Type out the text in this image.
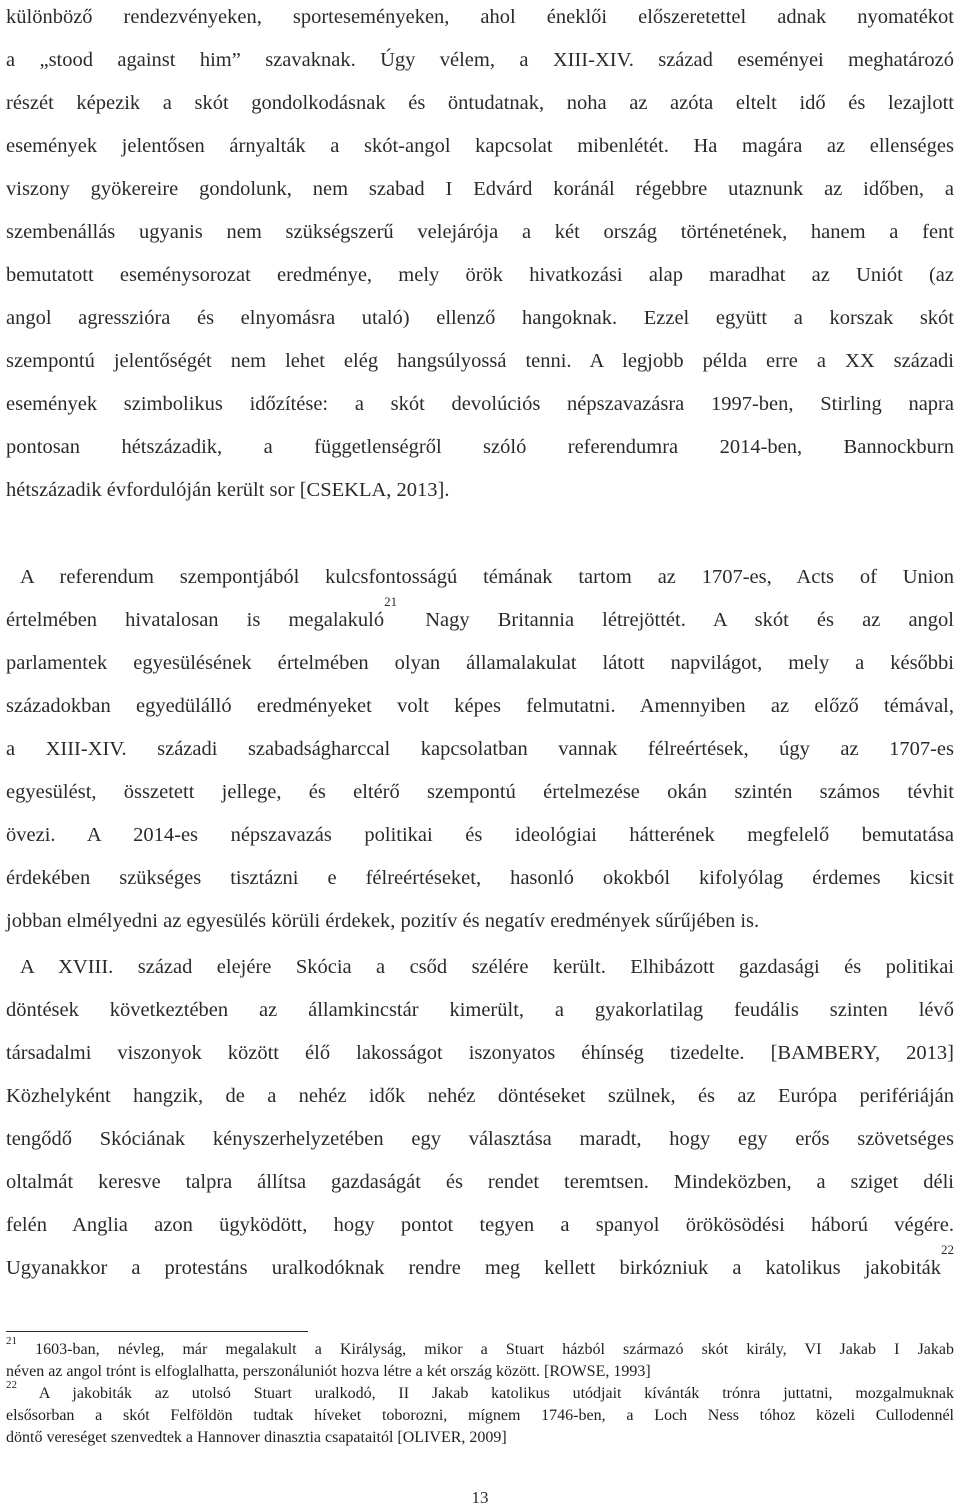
különböző rendezvényeken, sporteseményeken, ahol éneklői előszeretettel adnak nyomatékot
a „stood against him” szavaknak. Úgy vélem, a XIII-XIV. század eseményei meghatározó
részét képezik a skót gondolkodásnak és öntudatnak, noha az azóta eltelt idő és lezajlott
események jelentősen árnyalták a skót-angol kapcsolat mibenlétét. Ha magára az ellenséges
viszony gyökereire gondolunk, nem szabad I Edvárd koránál régebbre utaznunk az időben, a
szembenállás ugyanis nem szükségszerű velejárója a két ország történetének, hanem a fent
bemutatott eseménysorozat eredménye, mely örök hivatkozási alap maradhat az Uniót (az
angol agresszióra és elnyomásra utaló) ellenző hangoknak. Ezzel együtt a korszak skót
szempontú jelentőségét nem lehet elég hangsúlyossá tenni. A legjobb példa erre a XX századi
események szimbolikus időzítése: a skót devolúciós népszavazásra 1997-ben, Stirling napra
pontosan hétszázadik, a függetlenségről szóló referendumra 2014-ben, Bannockburn
hétszázadik évfordulóján került sor [CSEKLA, 2013].
A referendum szempontjából kulcsfontosságú témának tartom az 1707-es, Acts of Union
értelmében hivatalosan is megalakuló$^{21}$ Nagy Britannia létrejöttét. A skót és az angol
parlamentek egyesülésének értelmében olyan államalakulat látott napvilágot, mely a későbbi
századokban egyedülálló eredményeket volt képes felmutatni. Amennyiben az előző témával,
a XIII-XIV. századi szabadságharccal kapcsolatban vannak félreértések, úgy az 1707-es
egyesülést, összetett jellege, és eltérő szempontú értelmezése okán szintén számos tévhit
övezi. A 2014-es népszavazás politikai és ideológiai hátterének megfelelő bemutatása
érdekében szükséges tisztázni e félreértéseket, hasonló okokból kifolyólag érdemes kicsit
jobban elmélyedni az egyesülés körüli érdekek, pozitív és negatív eredmények sűrűjében is.
A XVIII. század elejére Skócia a csőd szélére került. Elhibázott gazdasági és politikai
döntések következtében az államkincstár kimerült, a gyakorlatilag feudális szinten lévő
társadalmi viszonyok között élő lakosságot iszonyatos éhínség tizedelte. [BAMBERY, 2013]
Közhelyként hangzik, de a nehéz idők nehéz döntéseket szülnek, és az Európa perifériáján
tengődő Skóciának kényszerhelyzetében egy választása maradt, hogy egy erős szövetséges
oltalmát keresve talpra állítsa gazdaságát és rendet teremtsen. Mindeközben, a sziget déli
felén Anglia azon ügyködött, hogy pontot tegyen a spanyol örökösödési háború végére.
Ugyanakkor a protestáns uralkodóknak rendre meg kellett birkózniuk a katolikus jakobiták$^{22}$
$^{21}$ 1603-ban, névleg, már megalakult a Királyság, mikor a Stuart házból származó skót király, VI Jakab I Jakab
néven az angol trónt is elfoglalhatta, perszonáluniót hozva létre a két ország között. [ROWSE, 1993]
$^{22}$ A jakobiták az utolsó Stuart uralkodó, II Jakab katolikus utódjait kívánták trónra juttatni, mozgalmuknak
elsősorban a skót Felföldön tudtak híveket toborozni, mígnem 1746-ben, a Loch Ness tóhoz közeli Cullodennél
döntő vereséget szenvedtek a Hannover dinasztia csapataitól [OLIVER, 2009]
13
